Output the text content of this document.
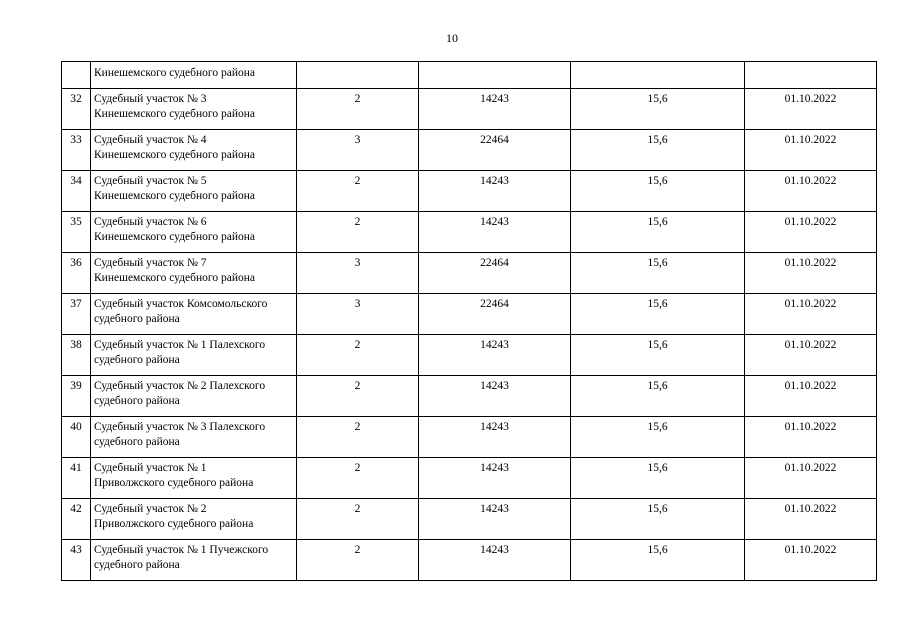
10

	Кинешемского судебного района				

32	Судебный участок № 3
Кинешемского судебного района	2	14243	15,6	01.10.2022
33	Судебный участок № 4
Кинешемского судебного района	3	22464	15,6	01.10.2022
34	Судебный участок № 5
Кинешемского судебного района	2	14243	15,6	01.10.2022
35	Судебный участок № 6
Кинешемского судебного района	2	14243	15,6	01.10.2022
36	Судебный участок № 7
Кинешемского судебного района	3	22464	15,6	01.10.2022
37	Судебный участок Комсомольского
судебного района	3	22464	15,6	01.10.2022
38	Судебный участок № 1 Палехского
судебного района	2	14243	15,6	01.10.2022
39	Судебный участок № 2 Палехского
судебного района	2	14243	15,6	01.10.2022
40	Судебный участок № 3 Палехского
судебного района	2	14243	15,6	01.10.2022
41	Судебный участок № 1
Приволжского судебного района	2	14243	15,6	01.10.2022
42	Судебный участок № 2
Приволжского судебного района	2	14243	15,6	01.10.2022
43	Судебный участок № 1 Пучежского
судебного района	2	14243	15,6	01.10.2022
